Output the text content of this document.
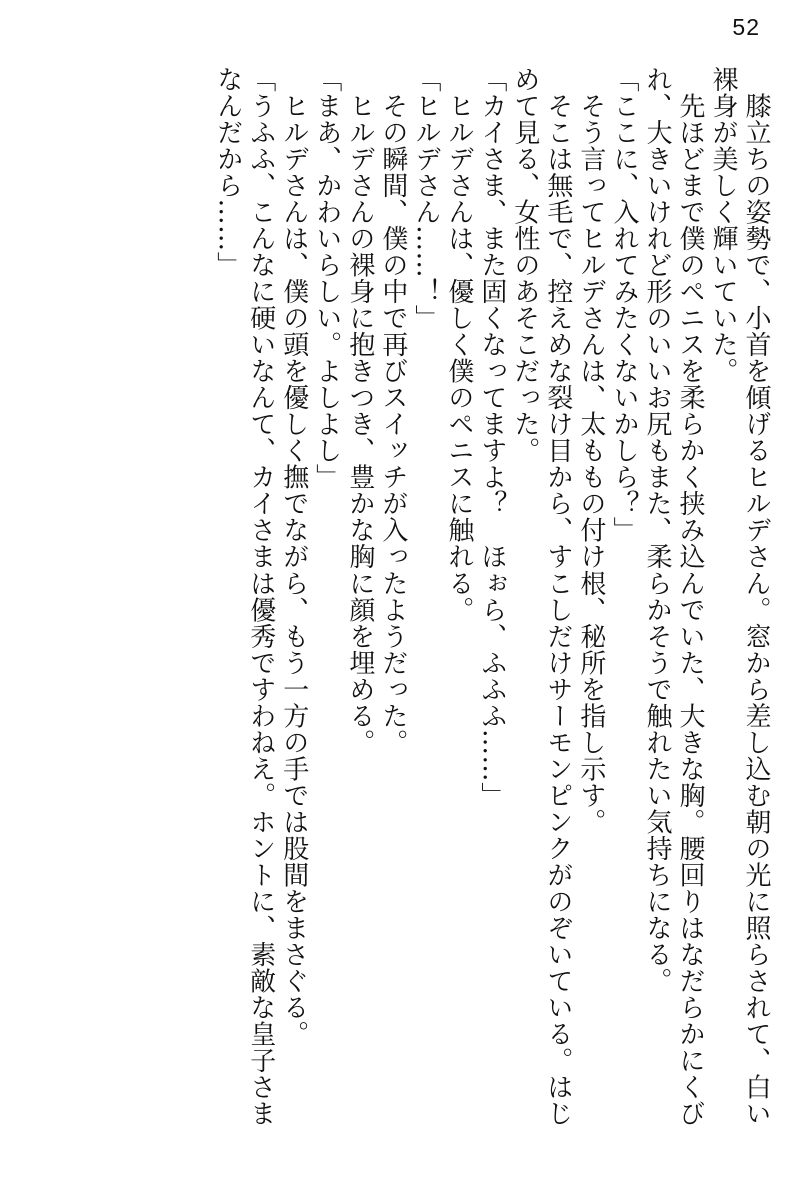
52
　膝立ちの姿勢で、小首を傾げるヒルデさん。窓から差し込む朝の光に照らされて、白い
裸身が美しく輝いていた。
　先ほどまで僕のペニスを柔らかく挟み込んでいた、大きな胸。腰回りはなだらかにくび
れ、大きいけれど形のいいお尻もまた、柔らかそうで触れたい気持ちになる。
「ここに、入れてみたくないかしら？」
　そう言ってヒルデさんは、太ももの付け根、秘所を指し示す。
　そこは無毛で、控えめな裂け目から、すこしだけサーモンピンクがのぞいている。はじ
めて見る、女性のあそこだった。
「カイさま、また固くなってますよ？　ほぉら、ふふふ……」
　ヒルデさんは、優しく僕のペニスに触れる。
「ヒルデさん……！」
　その瞬間、僕の中で再びスイッチが入ったようだった。
　ヒルデさんの裸身に抱きつき、豊かな胸に顔を埋める。
「まあ、かわいらしい。よしよし」
　ヒルデさんは、僕の頭を優しく撫でながら、もう一方の手では股間をまさぐる。
「うふふ、こんなに硬いなんて、カイさまは優秀ですわねえ。ホントに、素敵な皇子さま
なんだから……」
